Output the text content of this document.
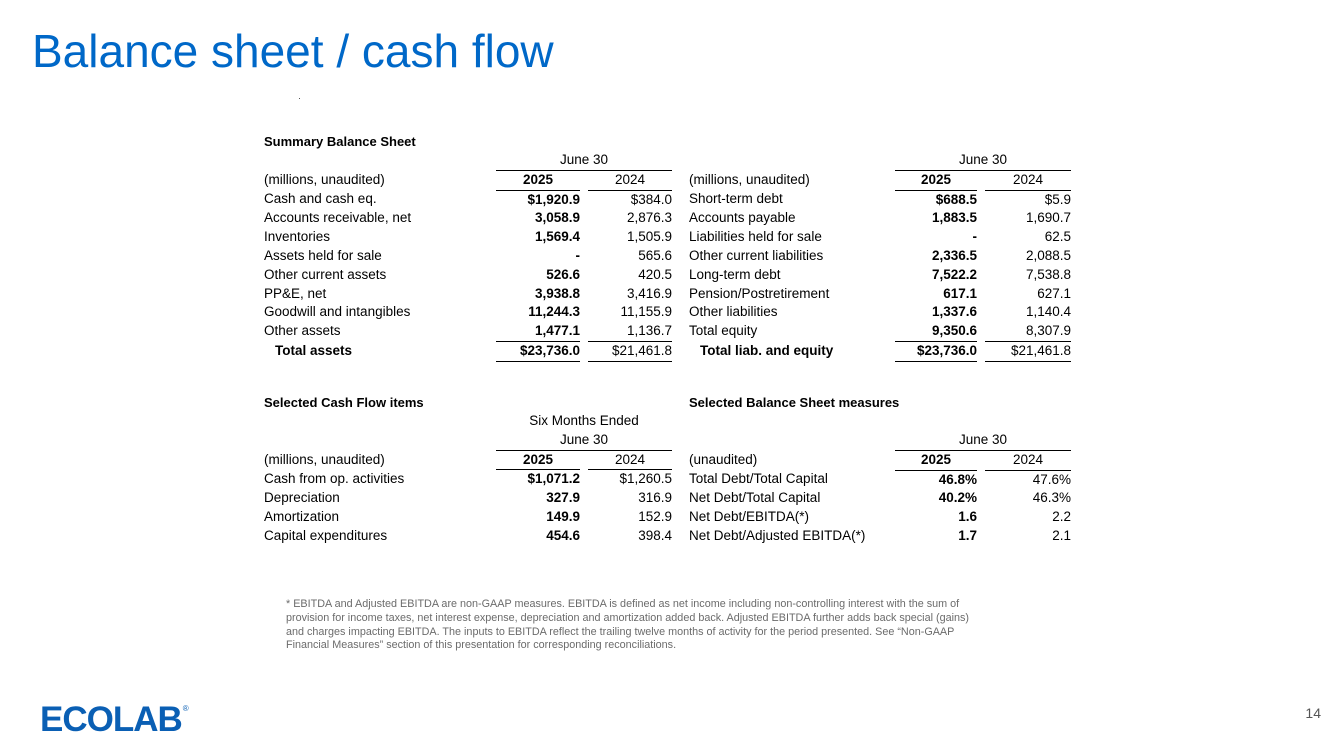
Balance sheet / cash flow
Summary Balance Sheet
	June 30		
(millions, unaudited)	2025		2024
Cash and cash eq.	$1,920.9		$384.0
Accounts receivable, net	3,058.9		2,876.3
Inventories	1,569.4		1,505.9
Assets held for sale	-		565.6
Other current assets	526.6		420.5
PP&E, net	3,938.8		3,416.9
Goodwill and intangibles	11,244.3		11,155.9
Other assets	1,477.1		1,136.7
Total assets	$23,736.0		$21,461.8
	June 30		
(millions, unaudited)	2025		2024
Short-term debt	$688.5		$5.9
Accounts payable	1,883.5		1,690.7
Liabilities held for sale	-		62.5
Other current liabilities	2,336.5		2,088.5
Long-term debt	7,522.2		7,538.8
Pension/Postretirement	617.1		627.1
Other liabilities	1,337.6		1,140.4
Total equity	9,350.6		8,307.9
Total liab. and equity	$23,736.0		$21,461.8
Selected Cash Flow items
	Six Months Ended		
	June 30		
(millions, unaudited)	2025		2024
Cash from op. activities	$1,071.2		$1,260.5
Depreciation	327.9		316.9
Amortization	149.9		152.9
Capital expenditures	454.6		398.4
Selected Balance Sheet measures
	June 30		
(unaudited)	2025		2024
Total Debt/Total Capital	46.8%		47.6%
Net Debt/Total Capital	40.2%		46.3%
Net Debt/EBITDA(*)	1.6		2.2
Net Debt/Adjusted EBITDA(*)	1.7		2.1
* EBITDA and Adjusted EBITDA are non-GAAP measures. EBITDA is defined as net income including non-controlling interest with the sum of provision for income taxes, net interest expense, depreciation and amortization added back. Adjusted EBITDA further adds back special (gains) and charges impacting EBITDA. The inputs to EBITDA reflect the trailing twelve months of activity for the period presented. See “Non-GAAP Financial Measures” section of this presentation for corresponding reconciliations.
ECOLAB ®	14
